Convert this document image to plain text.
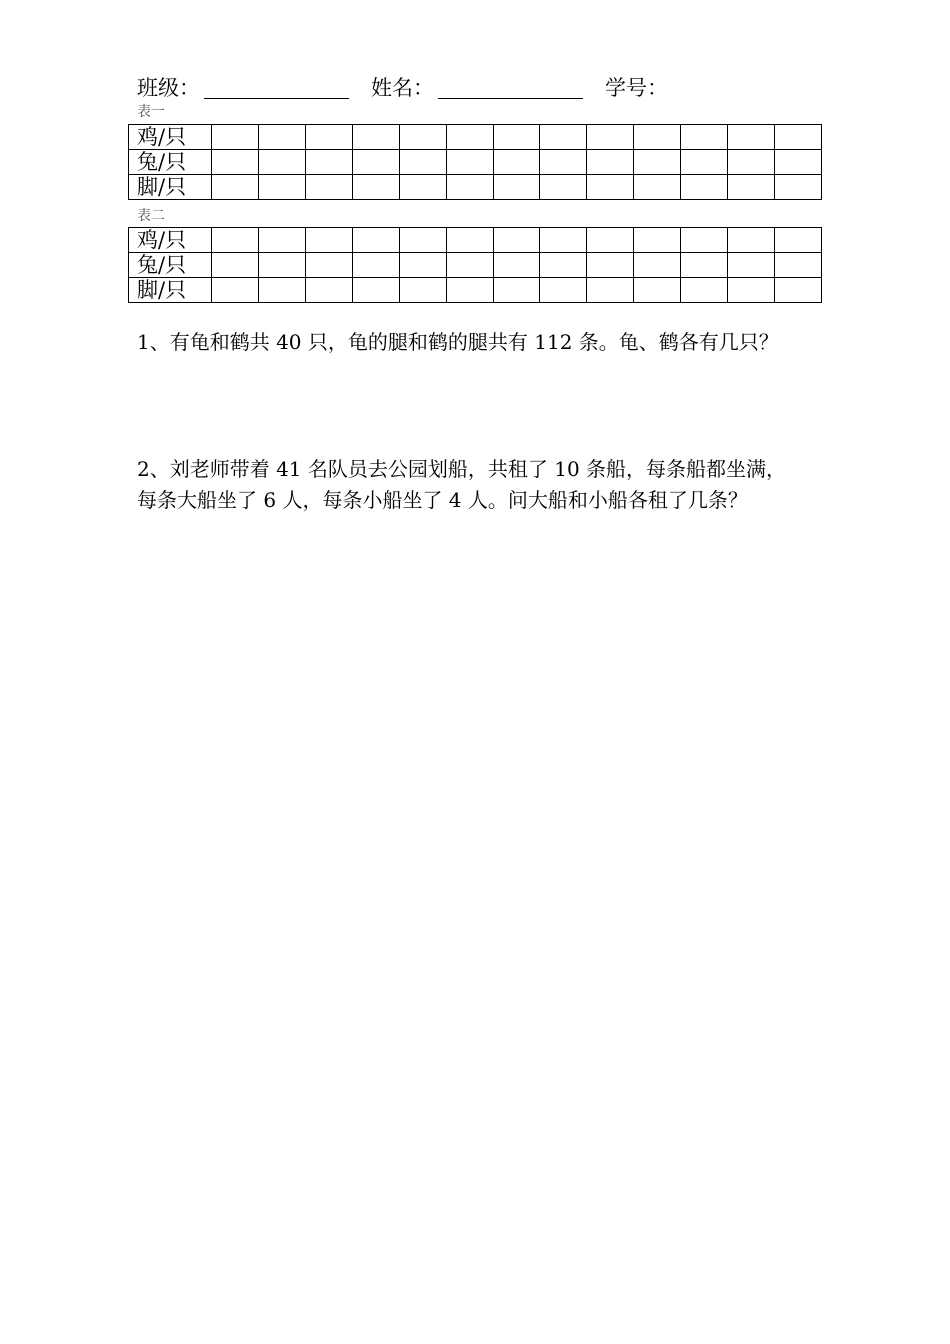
班级：	姓名：	学号：
表一
鸡/只													
兔/只													
脚/只													
表二
鸡/只													
兔/只													
脚/只													
1、有龟和鹤共 40 只，龟的腿和鹤的腿共有 112 条。龟、鹤各有几只？
2、刘老师带着 41 名队员去公园划船，共租了 10 条船，每条船都坐满，
每条大船坐了 6 人，每条小船坐了 4 人。问大船和小船各租了几条？
